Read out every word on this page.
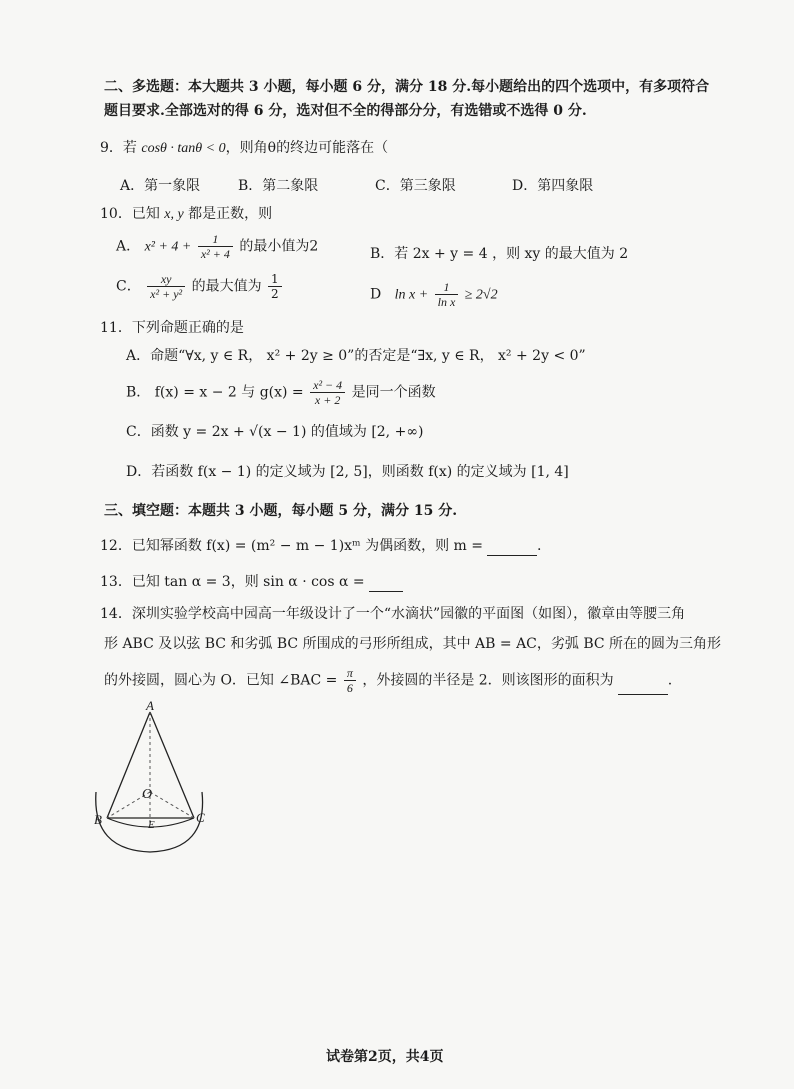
二、多选题：本大题共 3 小题，每小题 6 分，满分 18 分.每小题给出的四个选项中，有多项符合
题目要求.全部选对的得 6 分，选对但不全的得部分分，有选错或不选得 0 分.
9．若 cosθ · tanθ < 0，则角θ的终边可能落在（
A．第一象限	B．第二象限	C．第三象限	D．第四象限
10．已知 x, y 都是正数，则
A． $x^2 + 4 + \frac{1}{\text{x² + 4}}$ 的最小值为2	B．若 2x + y = 4 ，则 xy 的最大值为 2
C． $\frac{xy}{\text{x² + y²}}$ 的最大值为 $\frac{1}{2}$	D $\ln x + \frac{1}{\text{ln x}} \ge 2√2$
11．下列命题正确的是
A．命题“∀x, y ∈ R， x² + 2y ≥ 0”的否定是“∃x, y ∈ R， x² + 2y < 0”
B． f(x) = x − 2 与 $g(x) = \frac{\text{x² − 4}}{x + 2}$ 是同一个函数
C．函数 y = 2x + √(x − 1) 的值域为 [2, +∞)
D．若函数 f(x − 1) 的定义域为 [2, 5]，则函数 f(x) 的定义域为 [1, 4]
三、填空题：本题共 3 小题，每小题 5 分，满分 15 分.
12．已知幂函数 f(x) = (m² − m − 1)xᵐ 为偶函数，则 m =	.
13．已知 tan α = 3，则 sin α · cos α =
14．深圳实验学校高中园高一年级设计了一个“水滴状”园徽的平面图（如图），徽章由等腰三角
形 ABC 及以弦 BC 和劣弧 BC 所围成的弓形所组成，其中 AB = AC，劣弧 BC 所在的圆为三角形
的外接圆，圆心为 O．已知 ∠BAC = $\frac{\pi}{6}$ ，外接圆的半径是 2．则该图形的面积为	.
A
B	C
O
E
试卷第2页，共4页
